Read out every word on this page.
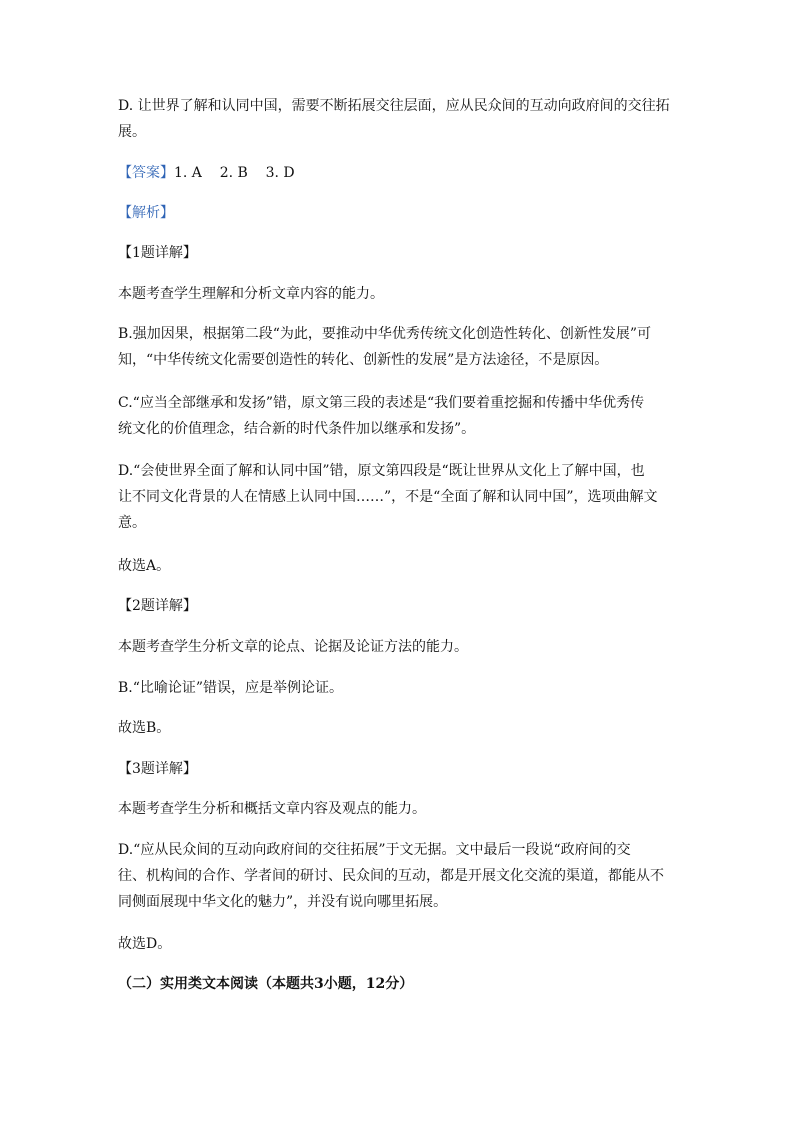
D. 让世界了解和认同中国，需要不断拓展交往层面，应从民众间的互动向政府间的交往拓
展。

【答案】1. A    2. B    3. D

【解析】

【1题详解】

本题考查学生理解和分析文章内容的能力。

B.强加因果，根据第二段“为此，要推动中华优秀传统文化创造性转化、创新性发展”可
知，“中华传统文化需要创造性的转化、创新性的发展”是方法途径，不是原因。

C.“应当全部继承和发扬”错，原文第三段的表述是“我们要着重挖掘和传播中华优秀传
统文化的价值理念，结合新的时代条件加以继承和发扬”。

D.“会使世界全面了解和认同中国”错，原文第四段是“既让世界从文化上了解中国，也
让不同文化背景的人在情感上认同中国……”，不是“全面了解和认同中国”，选项曲解文
意。

故选A。

【2题详解】

本题考查学生分析文章的论点、论据及论证方法的能力。

B.“比喻论证”错误，应是举例论证。

故选B。

【3题详解】

本题考查学生分析和概括文章内容及观点的能力。

D.“应从民众间的互动向政府间的交往拓展”于文无据。文中最后一段说“政府间的交
往、机构间的合作、学者间的研讨、民众间的互动，都是开展文化交流的渠道，都能从不
同侧面展现中华文化的魅力”，并没有说向哪里拓展。

故选D。

（二）实用类文本阅读（本题共3小题，12分）
